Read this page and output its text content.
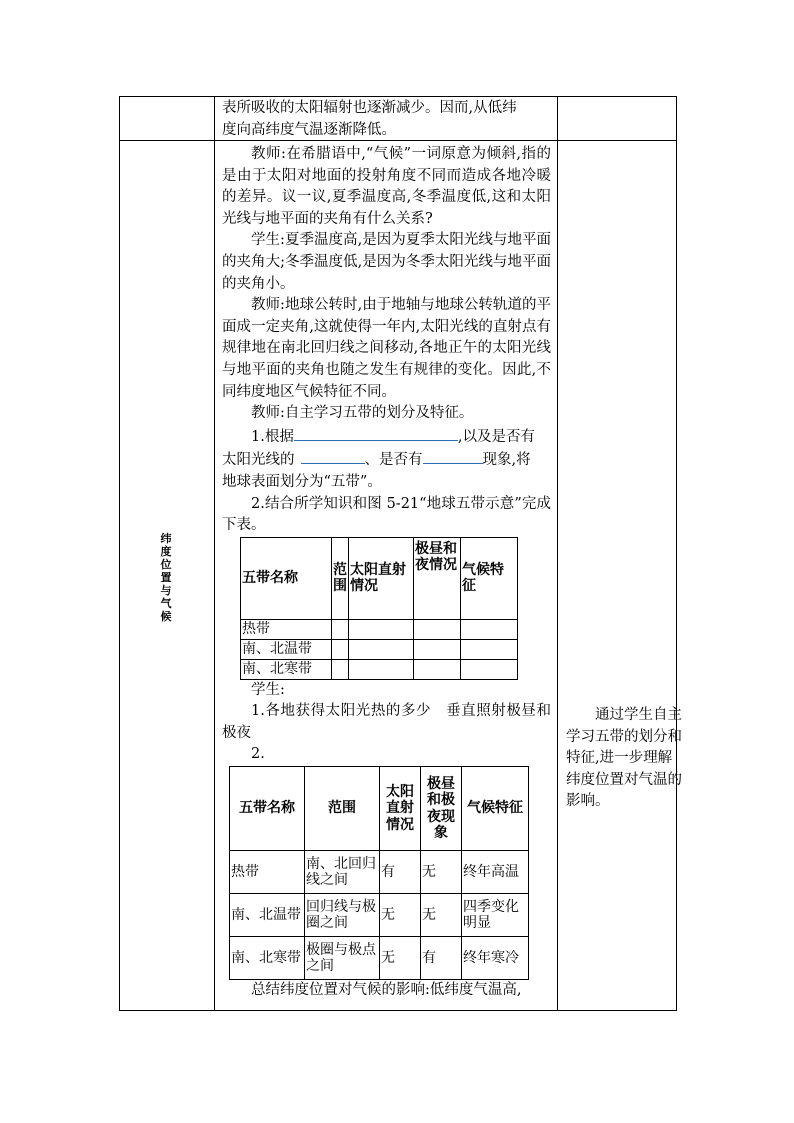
表所吸收的太阳辐射也逐渐减少。因而,从低纬
度向高纬度气温逐渐降低。

教师:在希腊语中,“气候”一词原意为倾斜,指的是由于太阳对地面的投射角度不同而造成各地冷暖的差异。议一议,夏季温度高,冬季温度低,这和太阳光线与地平面的夹角有什么关系?
学生:夏季温度高,是因为夏季太阳光线与地平面的夹角大;冬季温度低,是因为冬季太阳光线与地平面的夹角小。
教师:地球公转时,由于地轴与地球公转轨道的平面成一定夹角,这就使得一年内,太阳光线的直射点有规律地在南北回归线之间移动,各地正午的太阳光线与地平面的夹角也随之发生有规律的变化。因此,不同纬度地区气候特征不同。
教师:自主学习五带的划分及特征。
1.根据	,以及是否有
太阳光线的	、是否有	现象,将
地球表面划分为“五带”。
2.结合所学知识和图 5-21“地球五带示意”完成下表。
五带名称	范围	太阳直射情况	极昼和夜情况	气候特征
热带				
南、北温带				
南、北寒带				
学生:
1.各地获得太阳光热的多少　垂直照射极昼和极夜
2.
五带名称	范围	太阳直射情况	极昼和极夜现象	气候特征
热带	南、北回归线之间	有	无	终年高温
南、北温带	回归线与极圈之间	无	无	四季变化明显
南、北寒带	极圈与极点之间	无	有	终年寒冷
总结纬度位置对气候的影响:低纬度气温高,

纬度位置与气候
通过学生自主学习五带的划分和特征,进一步理解纬度位置对气温的影响。
